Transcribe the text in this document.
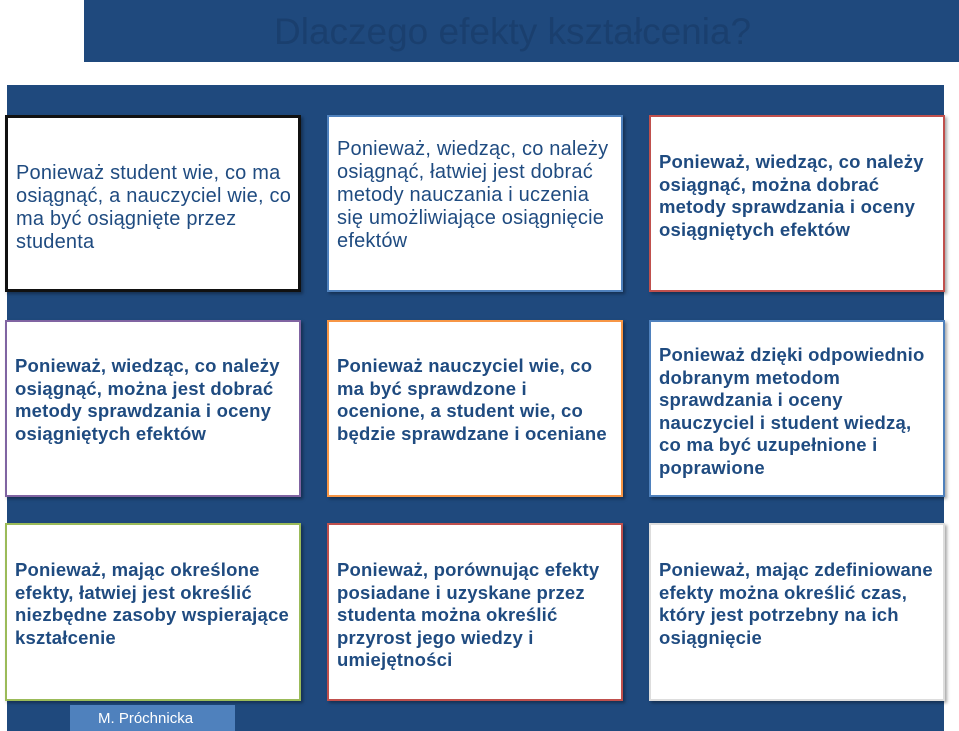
Dlaczego efekty kształcenia?
Ponieważ student wie, co ma osiągnąć, a nauczyciel wie, co ma być osiągnięte przez studenta
Ponieważ, wiedząc, co należy osiągnąć, łatwiej jest dobrać metody nauczania i uczenia się umożliwiające osiągnięcie efektów
Ponieważ, wiedząc, co należy osiągnąć, można dobrać metody sprawdzania i oceny osiągniętych efektów
Ponieważ, wiedząc, co należy osiągnąć, można jest dobrać metody sprawdzania i oceny osiągniętych efektów
Ponieważ nauczyciel wie, co ma być sprawdzone i ocenione, a student wie, co będzie sprawdzane i oceniane
Ponieważ dzięki odpowiednio dobranym metodom sprawdzania i oceny nauczyciel i student wiedzą, co ma być uzupełnione i poprawione
Ponieważ, mając określone efekty, łatwiej jest określić niezbędne zasoby wspierające kształcenie
Ponieważ, porównując efekty posiadane i uzyskane przez studenta można określić przyrost jego wiedzy i umiejętności
Ponieważ, mając zdefiniowane efekty można określić czas, który jest potrzebny na ich osiągnięcie
M. Próchnicka
